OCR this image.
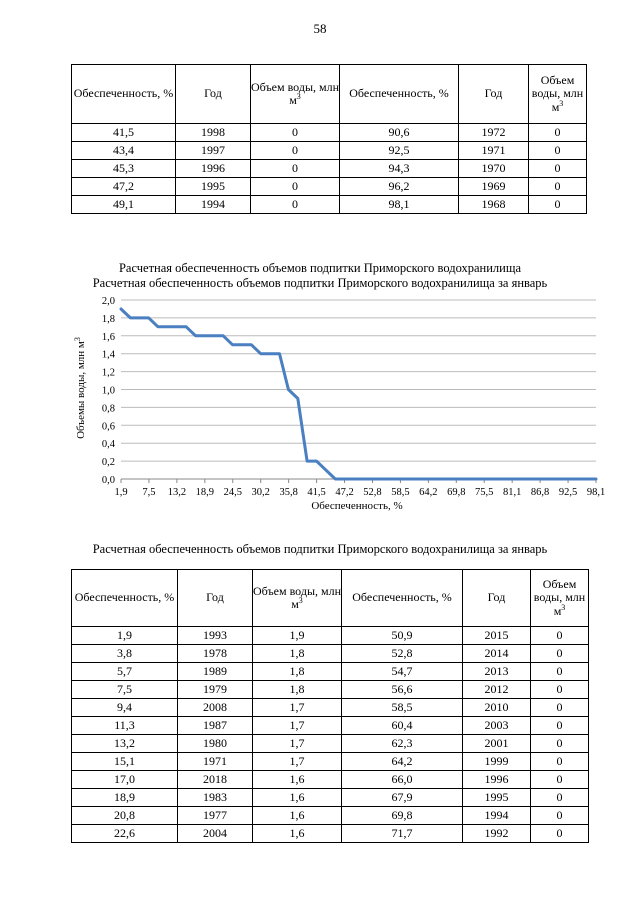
58
Обеспеченность, %	Год	Объем воды, млн $м^3$	Обеспеченность, %	Год	Объем воды, млн $м^3$
41,5	1998	0	90,6	1972	0
43,4	1997	0	92,5	1971	0
45,3	1996	0	94,3	1970	0
47,2	1995	0	96,2	1969	0
49,1	1994	0	98,1	1968	0
Расчетная обеспеченность объемов подпитки Приморского водохранилища
Расчетная обеспеченность объемов подпитки Приморского водохранилища за январь
0,0
0,2
0,4
0,6
0,8
1,0
1,2
1,4
1,6
1,8
2,0
1,9 7,5 13,2 18,9 24,5 30,2 35,8 41,5 47,2 52,8 58,5 64,2 69,8 75,5 81,1 86,8 92,5 98,1
Объемы воды, млн $м^3$
Обеспеченность, %
Расчетная обеспеченность объемов подпитки Приморского водохранилища за январь
Обеспеченность, %	Год	Объем воды, млн $м^3$	Обеспеченность, %	Год	Объем воды, млн $м^3$
1,9	1993	1,9	50,9	2015	0
3,8	1978	1,8	52,8	2014	0
5,7	1989	1,8	54,7	2013	0
7,5	1979	1,8	56,6	2012	0
9,4	2008	1,7	58,5	2010	0
11,3	1987	1,7	60,4	2003	0
13,2	1980	1,7	62,3	2001	0
15,1	1971	1,7	64,2	1999	0
17,0	2018	1,6	66,0	1996	0
18,9	1983	1,6	67,9	1995	0
20,8	1977	1,6	69,8	1994	0
22,6	2004	1,6	71,7	1992	0
